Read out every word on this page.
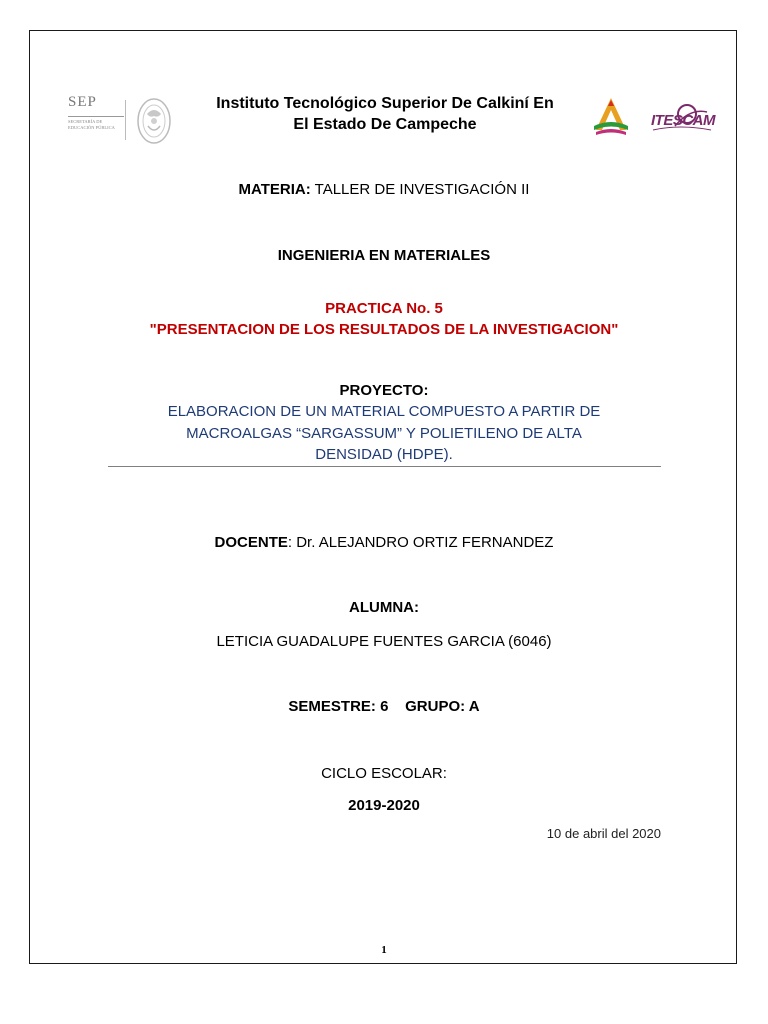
SEP
SECRETARÍA DE EDUCACIÓN PÚBLICA
Instituto Tecnológico Superior De Calkiní En
El Estado De Campeche	ITESCAM
MATERIA: TALLER DE INVESTIGACIÓN II
INGENIERIA EN MATERIALES
PRACTICA No. 5
"PRESENTACION DE LOS RESULTADOS DE LA INVESTIGACION"
PROYECTO:
ELABORACION DE UN MATERIAL COMPUESTO A PARTIR DE
MACROALGAS “SARGASSUM” Y POLIETILENO DE ALTA
DENSIDAD (HDPE).
DOCENTE: Dr. ALEJANDRO ORTIZ FERNANDEZ
ALUMNA:
LETICIA GUADALUPE FUENTES GARCIA (6046)
SEMESTRE: 6    GRUPO: A
CICLO ESCOLAR:
2019-2020
10 de abril del 2020
1
